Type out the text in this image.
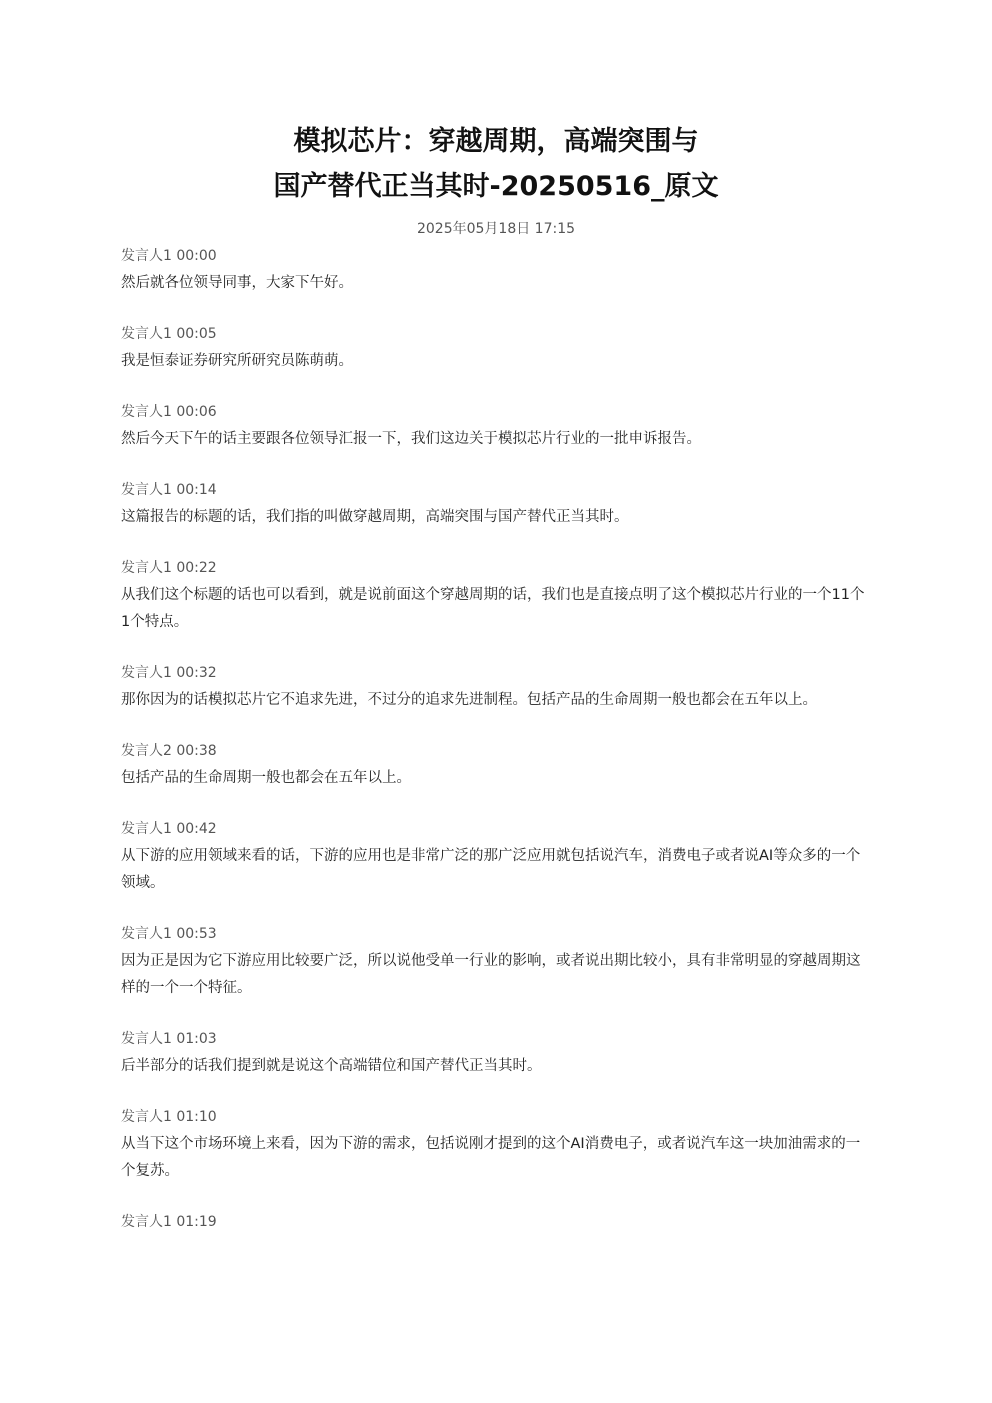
模拟芯片：穿越周期，高端突围与
国产替代正当其时-20250516_原文
2025年05月18日 17:15
发言人1 00:00
然后就各位领导同事，大家下午好。
发言人1 00:05
我是恒泰证券研究所研究员陈萌萌。
发言人1 00:06
然后今天下午的话主要跟各位领导汇报一下，我们这边关于模拟芯片行业的一批申诉报告。
发言人1 00:14
这篇报告的标题的话，我们指的叫做穿越周期，高端突围与国产替代正当其时。
发言人1 00:22
从我们这个标题的话也可以看到，就是说前面这个穿越周期的话，我们也是直接点明了这个模拟芯片行业的一个11个1个特点。
发言人1 00:32
那你因为的话模拟芯片它不追求先进，不过分的追求先进制程。包括产品的生命周期一般也都会在五年以上。
发言人2 00:38
包括产品的生命周期一般也都会在五年以上。
发言人1 00:42
从下游的应用领域来看的话，下游的应用也是非常广泛的那广泛应用就包括说汽车，消费电子或者说AI等众多的一个领域。
发言人1 00:53
因为正是因为它下游应用比较要广泛，所以说他受单一行业的影响，或者说出期比较小，具有非常明显的穿越周期这样的一个一个特征。
发言人1 01:03
后半部分的话我们提到就是说这个高端错位和国产替代正当其时。
发言人1 01:10
从当下这个市场环境上来看，因为下游的需求，包括说刚才提到的这个AI消费电子，或者说汽车这一块加油需求的一个复苏。
发言人1 01:19
